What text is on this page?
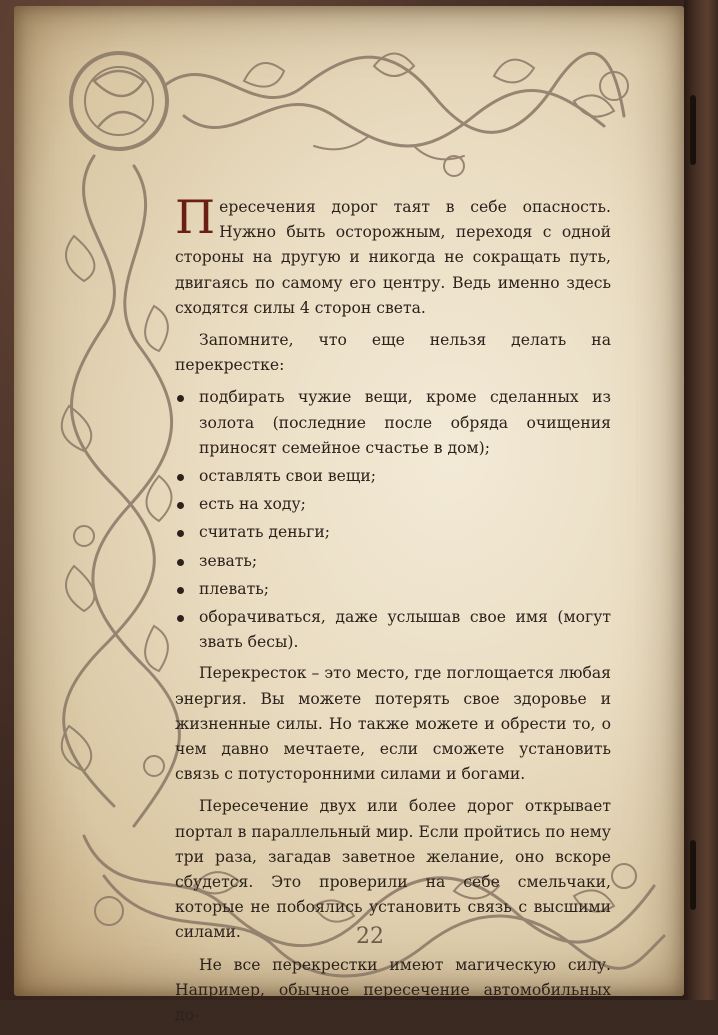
Пересечения дорог таят в себе опасность. Нужно быть осторожным, переходя с одной стороны на другую и никогда не сокращать путь, двигаясь по самому его центру. Ведь именно здесь сходятся силы 4 сторон света.

Запомните, что еще нельзя делать на перекрестке:

подбирать чужие вещи, кроме сделанных из золота (последние после обряда очищения приносят семейное счастье в дом);
оставлять свои вещи;
есть на ходу;
считать деньги;
зевать;
плевать;
оборачиваться, даже услышав свое имя (могут звать бесы).

Перекресток – это место, где поглощается любая энергия. Вы можете потерять свое здоровье и жизненные силы. Но также можете и обрести то, о чем давно мечтаете, если сможете установить связь с потусторонними силами и богами.

Пересечение двух или более дорог открывает портал в параллельный мир. Если пройтись по нему три раза, загадав заветное желание, оно вскоре сбудется. Это проверили на себе смельчаки, которые не побоялись установить связь с высшими силами.

Не все перекрестки имеют магическую силу. Например, обычное пересечение автомобильных до-

22
